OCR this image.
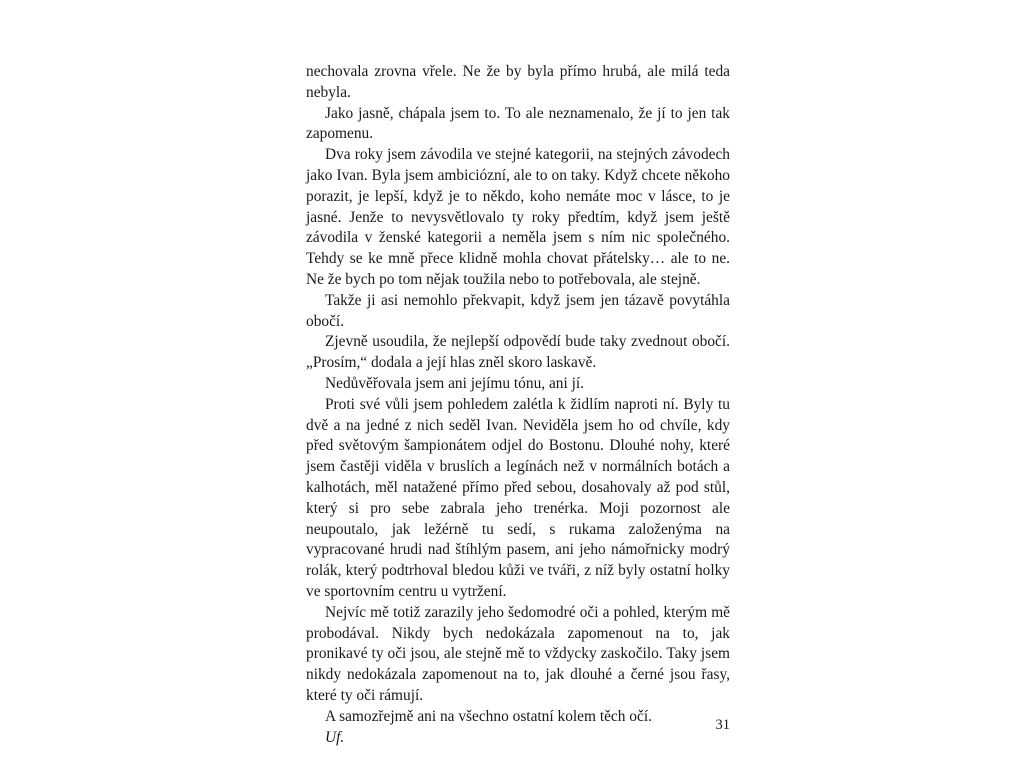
nechovala zrovna vřele. Ne že by byla přímo hrubá, ale milá teda nebyla.

Jako jasně, chápala jsem to. To ale neznamenalo, že jí to jen tak zapomenu.

Dva roky jsem závodila ve stejné kategorii, na stejných závodech jako Ivan. Byla jsem ambiciózní, ale to on taky. Když chcete někoho porazit, je lepší, když je to někdo, koho nemáte moc v lásce, to je jasné. Jenže to nevysvětlovalo ty roky předtím, když jsem ještě závodila v ženské kategorii a neměla jsem s ním nic společného. Tehdy se ke mně přece klidně mohla chovat přátelsky… ale to ne. Ne že bych po tom nějak toužila nebo to potřebovala, ale stejně.

Takže ji asi nemohlo překvapit, když jsem jen tázavě povytáhla obočí.

Zjevně usoudila, že nejlepší odpovědí bude taky zvednout obočí. „Prosím,“ dodala a její hlas zněl skoro laskavě.

Nedůvěřovala jsem ani jejímu tónu, ani jí.

Proti své vůli jsem pohledem zalétla k židlím naproti ní. Byly tu dvě a na jedné z nich seděl Ivan. Neviděla jsem ho od chvíle, kdy před světovým šampionátem odjel do Bostonu. Dlouhé nohy, které jsem častěji viděla v bruslích a legínách než v normálních botách a kalhotách, měl natažené přímo před sebou, dosahovaly až pod stůl, který si pro sebe zabrala jeho trenérka. Moji pozornost ale neupoutalo, jak ležérně tu sedí, s rukama založenýma na vypracované hrudi nad štíhlým pasem, ani jeho námořnicky modrý rolák, který podtrhoval bledou kůži ve tváři, z níž byly ostatní holky ve sportovním centru u vytržení.

Nejvíc mě totiž zarazily jeho šedomodré oči a pohled, kterým mě probodával. Nikdy bych nedokázala zapomenout na to, jak pronikavé ty oči jsou, ale stejně mě to vždycky zaskočilo. Taky jsem nikdy nedokázala zapomenout na to, jak dlouhé a černé jsou řasy, které ty oči rámují.

A samozřejmě ani na všechno ostatní kolem těch očí.

Uf.

31
